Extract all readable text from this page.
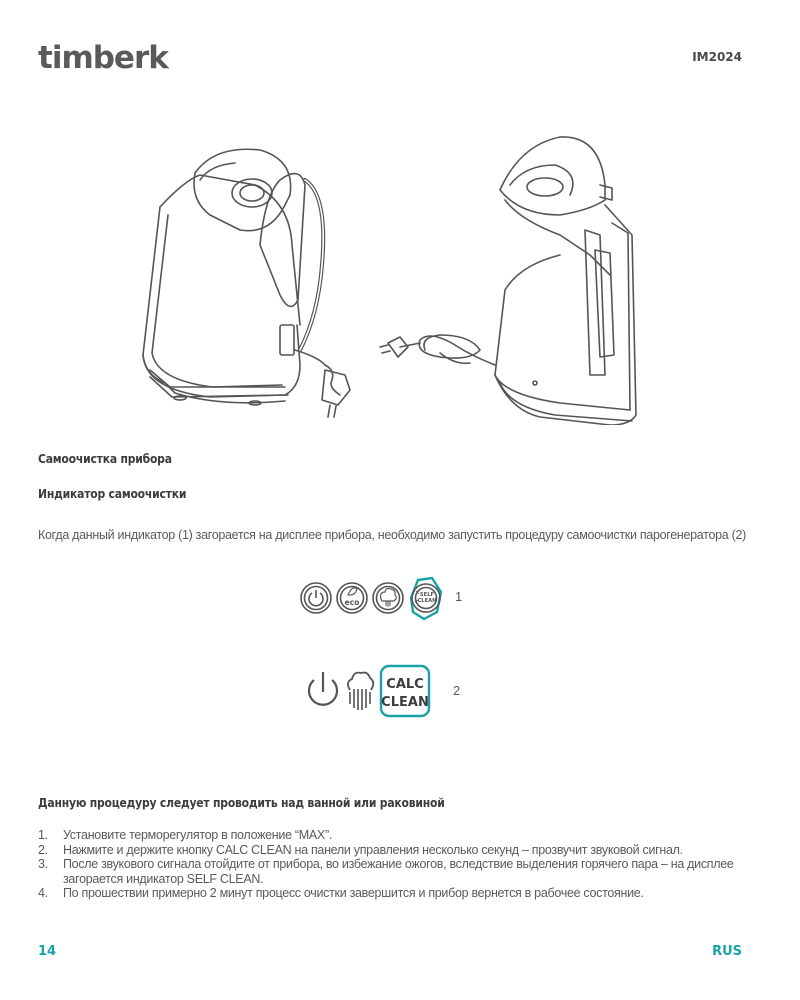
timberk	IM2024
Самоочистка прибора
Индикатор самоочистки
Когда данный индикатор (1) загорается на дисплее прибора, необходимо запустить процедуру самоочистки парогенератора (2)
eco
SELF
CLEAN 1
CALC
CLEAN
2
Данную процедуру следует проводить над ванной или раковиной
1. Установите терморегулятор в положение “MAX”.
2. Нажмите и держите кнопку CALC CLEAN на панели управления несколько секунд – прозвучит звуковой сигнал.
3. После звукового сигнала отойдите от прибора, во избежание ожогов, вследствие выделения горячего пара – на дисплее загорается индикатор SELF CLEAN.
4. По прошествии примерно 2 минут процесс очистки завершится и прибор вернется в рабочее состояние.
14	RUS
